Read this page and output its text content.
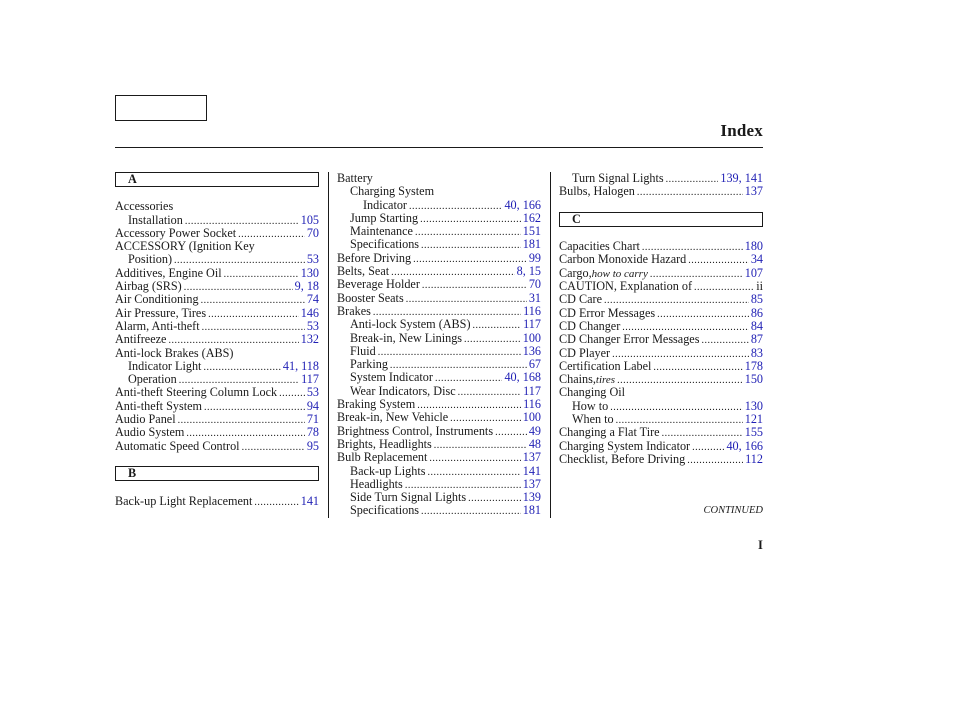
Index
A
Accessories
Installation .....	105
Accessory Power Socket .....	70
ACCESSORY (Ignition Key
Position) .....	53
Additives, Engine Oil .....	130
Airbag (SRS) .....	9, 18
Air Conditioning .....	74
Air Pressure, Tires .....	146
Alarm, Anti-theft .....	53
Antifreeze .....	132
Anti-lock Brakes (ABS)
Indicator Light .....	41, 118
Operation .....	117
Anti-theft Steering Column Lock ..... 53
Anti-theft System .....	94
Audio Panel .....	71
Audio System .....	78
Automatic Speed Control .....	95
B
Back-up Light Replacement .....	141
Battery
Charging System
Indicator .....	40, 166
Jump Starting .....	162
Maintenance .....	151
Specifications .....	181
Before Driving .....	99
Belts, Seat .....	8, 15
Beverage Holder .....	70
Booster Seats .....	31
Brakes .....	116
Anti-lock System (ABS) .....	117
Break-in, New Linings .....	100
Fluid .....	136
Parking .....	67
System Indicator .....	40, 168
Wear Indicators, Disc .....	117
Braking System .....	116
Break-in, New Vehicle .....	100
Brightness Control, Instruments .....	49
Brights, Headlights .....	48
Bulb Replacement .....	137
Back-up Lights .....	141
Headlights .....	137
Side Turn Signal Lights .....	139
Specifications .....	181
Turn Signal Lights .....	139, 141
Bulbs, Halogen .....	137
C
Capacities Chart .....	180
Carbon Monoxide Hazard .....	34
Cargo, how to carry .....	107
CAUTION, Explanation of .....	ii
CD Care .....	85
CD Error Messages .....	86
CD Changer .....	84
CD Changer Error Messages .....	87
CD Player .....	83
Certification Label .....	178
Chains, tires .....	150
Changing Oil
How to .....	130
When to .....	121
Changing a Flat Tire .....	155
Charging System Indicator .....	40, 166
Checklist, Before Driving .....	112
CONTINUED
I
